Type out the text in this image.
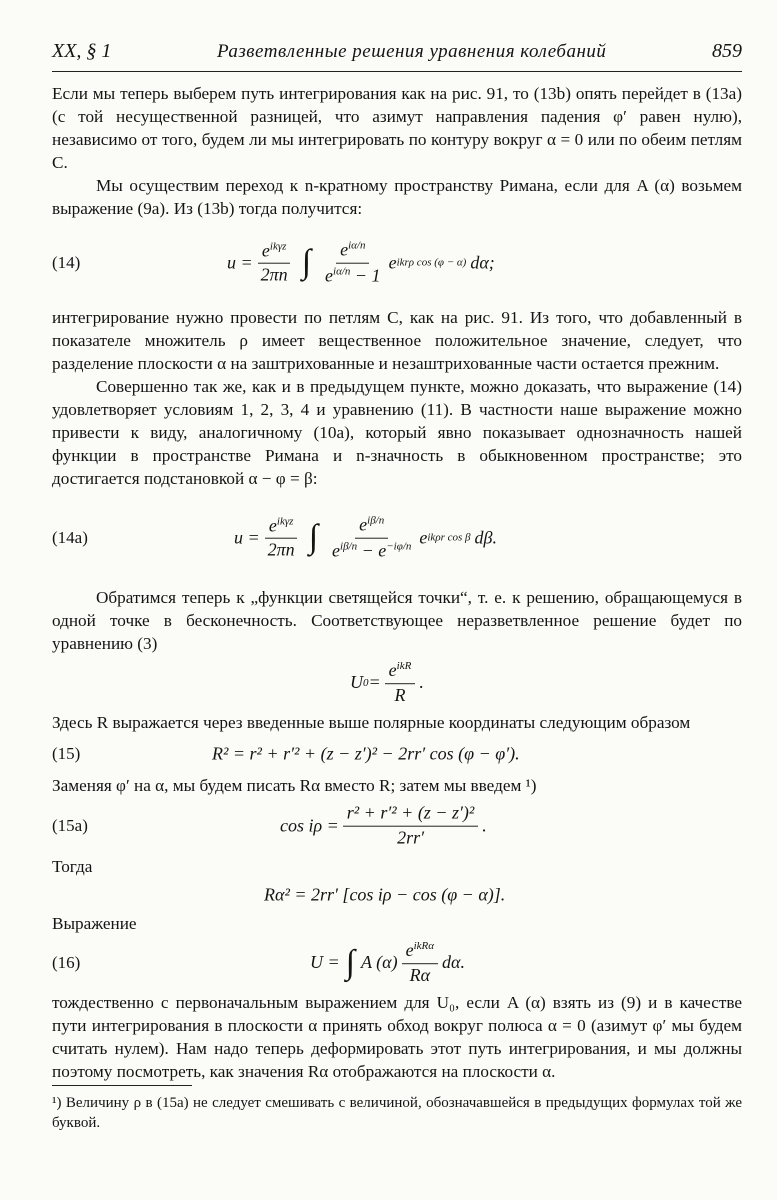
XX, § 1	Разветвленные решения уравнения колебаний	859

Если мы теперь выберем путь интегрирования как на рис. 91, то (13b) опять перейдет в (13a) (с той несущественной разницей, что азимут направления падения φ′ равен нулю), независимо от того, будем ли мы интегрировать по контуру вокруг α = 0 или по обеим петлям C.

Мы осуществим переход к n-кратному пространству Римана, если для A (α) возьмем выражение (9a). Из (13b) тогда получится:

(14)	$u = \frac{e^{ik\gamma z}}{2\pi n}$ ∫ $\frac{e^{i\alpha/n}}{e^{i\alpha/n} - 1}$ e ikrρ cos (φ − α) dα;

интегрирование нужно провести по петлям C, как на рис. 91. Из того, что добавленный в показателе множитель ρ имеет вещественное положительное значение, следует, что разделение плоскости α на заштрихованные и незаштрихованные части остается прежним.

Совершенно так же, как и в предыдущем пункте, можно доказать, что выражение (14) удовлетворяет условиям 1, 2, 3, 4 и уравнению (11). В частности наше выражение можно привести к виду, аналогичному (10a), который явно показывает однозначность нашей функции в пространстве Римана и n-значность в обыкновенном пространстве; это достигается подстановкой α − φ = β:

(14a)	$u = \frac{e^{ik\gamma z}}{2\pi n}$ ∫ $\frac{e^{i\beta/n}}{e^{i\beta/n} - e^{-i\varphi/n}}$ e ikρr cos β dβ.

Обратимся теперь к „функции светящейся точки“, т. е. к решению, обращающемуся в одной точке в бесконечность. Соответствующее неразветвленное решение будет по уравнению (3)

U $0 = \frac{e^{ikR}}{R}$ .

Здесь R выражается через введенные выше полярные координаты следующим образом

(15)	R² = r² + r′² + (z − z′)² − 2rr′ cos (φ − φ′).

Заменяя φ′ на α, мы будем писать Rα вместо R; затем мы введем ¹)

(15a)	$\cos i\rho = \frac{\text{r² + r′² + (z − z′)²}}{2rr'}$ .

Тогда

Rα² = 2rr′ [cos iρ − cos (φ − α)].

Выражение

(16)	U = ∫ A $(\alpha) \frac{e^{ikR\alpha}}{R\alpha} d\alpha$.

тождественно с первоначальным выражением для U₀, если A (α) взять из (9) и в качестве пути интегрирования в плоскости α принять обход вокруг полюса α = 0 (азимут φ′ мы будем считать нулем). Нам надо теперь деформировать этот путь интегрирования, и мы должны поэтому посмотреть, как значения Rα отображаются на плоскости α.

¹) Величину ρ в (15a) не следует смешивать с величиной, обозначавшейся в предыдущих формулах той же буквой.
